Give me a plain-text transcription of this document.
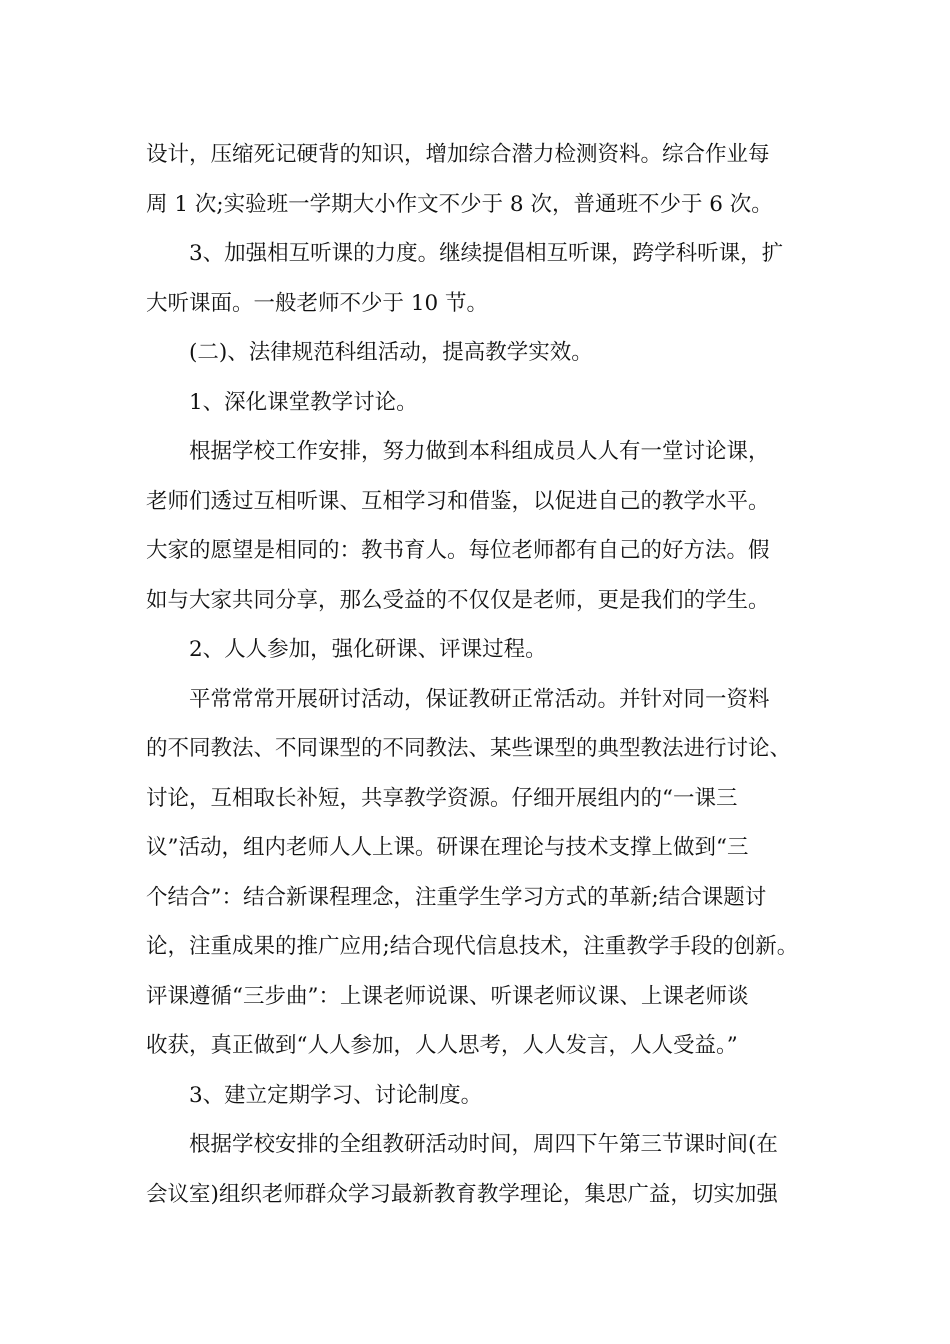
设计，压缩死记硬背的知识，增加综合潜力检测资料。综合作业每
周 1 次;实验班一学期大小作文不少于 8 次，普通班不少于 6 次。
3、加强相互听课的力度。继续提倡相互听课，跨学科听课，扩
大听课面。一般老师不少于 10 节。
(二)、法律规范科组活动，提高教学实效。
1、深化课堂教学讨论。
根据学校工作安排，努力做到本科组成员人人有一堂讨论课，
老师们透过互相听课、互相学习和借鉴，以促进自己的教学水平。
大家的愿望是相同的：教书育人。每位老师都有自己的好方法。假
如与大家共同分享，那么受益的不仅仅是老师，更是我们的学生。
2、人人参加，强化研课、评课过程。
平常常常开展研讨活动，保证教研正常活动。并针对同一资料
的不同教法、不同课型的不同教法、某些课型的典型教法进行讨论、
讨论，互相取长补短，共享教学资源。仔细开展组内的“一课三
议”活动，组内老师人人上课。研课在理论与技术支撑上做到“三
个结合”：结合新课程理念，注重学生学习方式的革新;结合课题讨
论，注重成果的推广应用;结合现代信息技术，注重教学手段的创新。
评课遵循“三步曲”：上课老师说课、听课老师议课、上课老师谈
收获，真正做到“人人参加，人人思考，人人发言，人人受益。”
3、建立定期学习、讨论制度。
根据学校安排的全组教研活动时间，周四下午第三节课时间(在
会议室)组织老师群众学习最新教育教学理论，集思广益，切实加强
